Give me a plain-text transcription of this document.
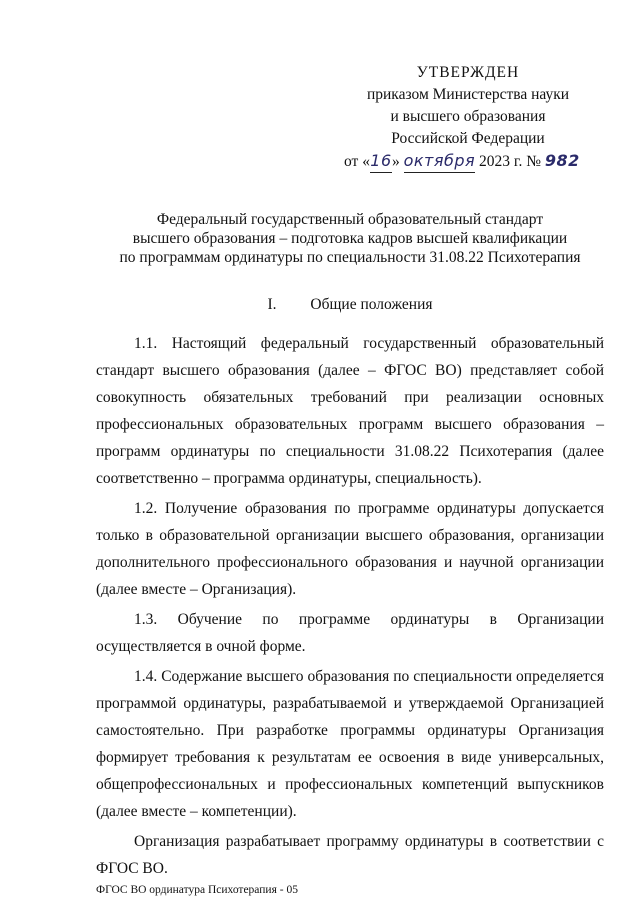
УТВЕРЖДЕН
приказом Министерства науки
и высшего образования
Российской Федерации
от «16» октября 2023 г. № 982
Федеральный государственный образовательный стандарт
высшего образования – подготовка кадров высшей квалификации
по программам ординатуры по специальности 31.08.22 Психотерапия
I. Общие положения

1.1. Настоящий федеральный государственный образовательный стандарт высшего образования (далее – ФГОС ВО) представляет собой совокупность обязательных требований при реализации основных профессиональных образовательных программ высшего образования – программ ординатуры по специальности 31.08.22 Психотерапия (далее соответственно – программа ординатуры, специальность).

1.2. Получение образования по программе ординатуры допускается только в образовательной организации высшего образования, организации дополнительного профессионального образования и научной организации (далее вместе – Организация).

1.3. Обучение по программе ординатуры в Организации осуществляется в очной форме.

1.4. Содержание высшего образования по специальности определяется программой ординатуры, разрабатываемой и утверждаемой Организацией самостоятельно. При разработке программы ординатуры Организация формирует требования к результатам ее освоения в виде универсальных, общепрофессиональных и профессиональных компетенций выпускников (далее вместе – компетенции).

Организация разрабатывает программу ординатуры в соответствии с ФГОС ВО.

ФГОС ВО ординатура Психотерапия - 05
